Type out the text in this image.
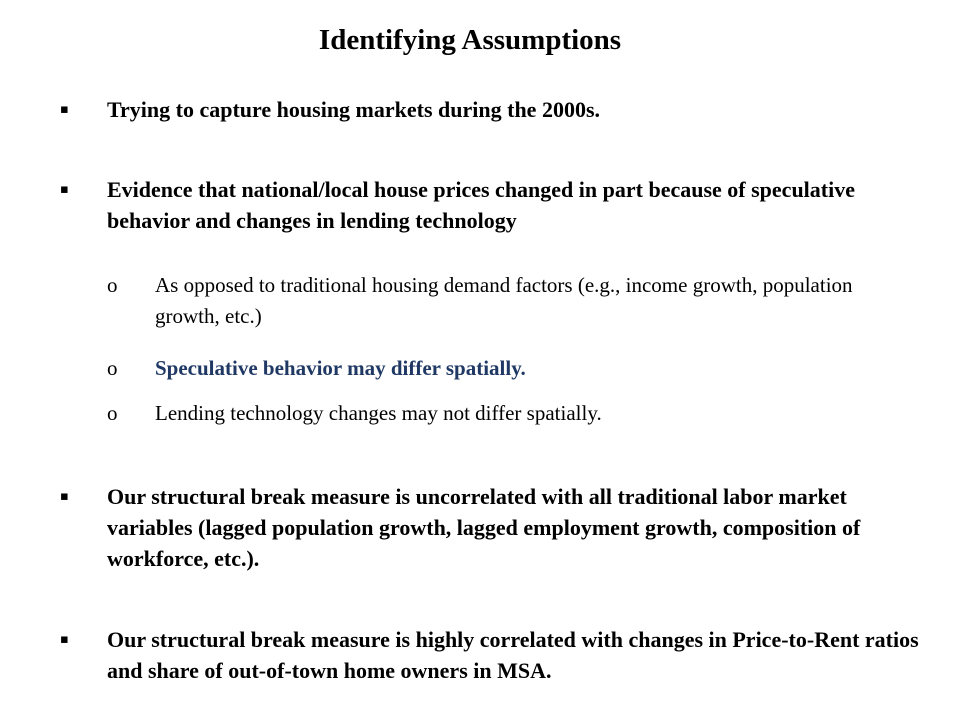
Identifying Assumptions
▪ Trying to capture housing markets during the 2000s.
▪ Evidence that national/local house prices changed in part because of speculative behavior and changes in lending technology
o As opposed to traditional housing demand factors (e.g., income growth, population growth, etc.)
o Speculative behavior may differ spatially.
o Lending technology changes may not differ spatially.
▪ Our structural break measure is uncorrelated with all traditional labor market variables (lagged population growth, lagged employment growth, composition of workforce, etc.).
▪ Our structural break measure is highly correlated with changes in Price-to-Rent ratios and share of out-of-town home owners in MSA.
